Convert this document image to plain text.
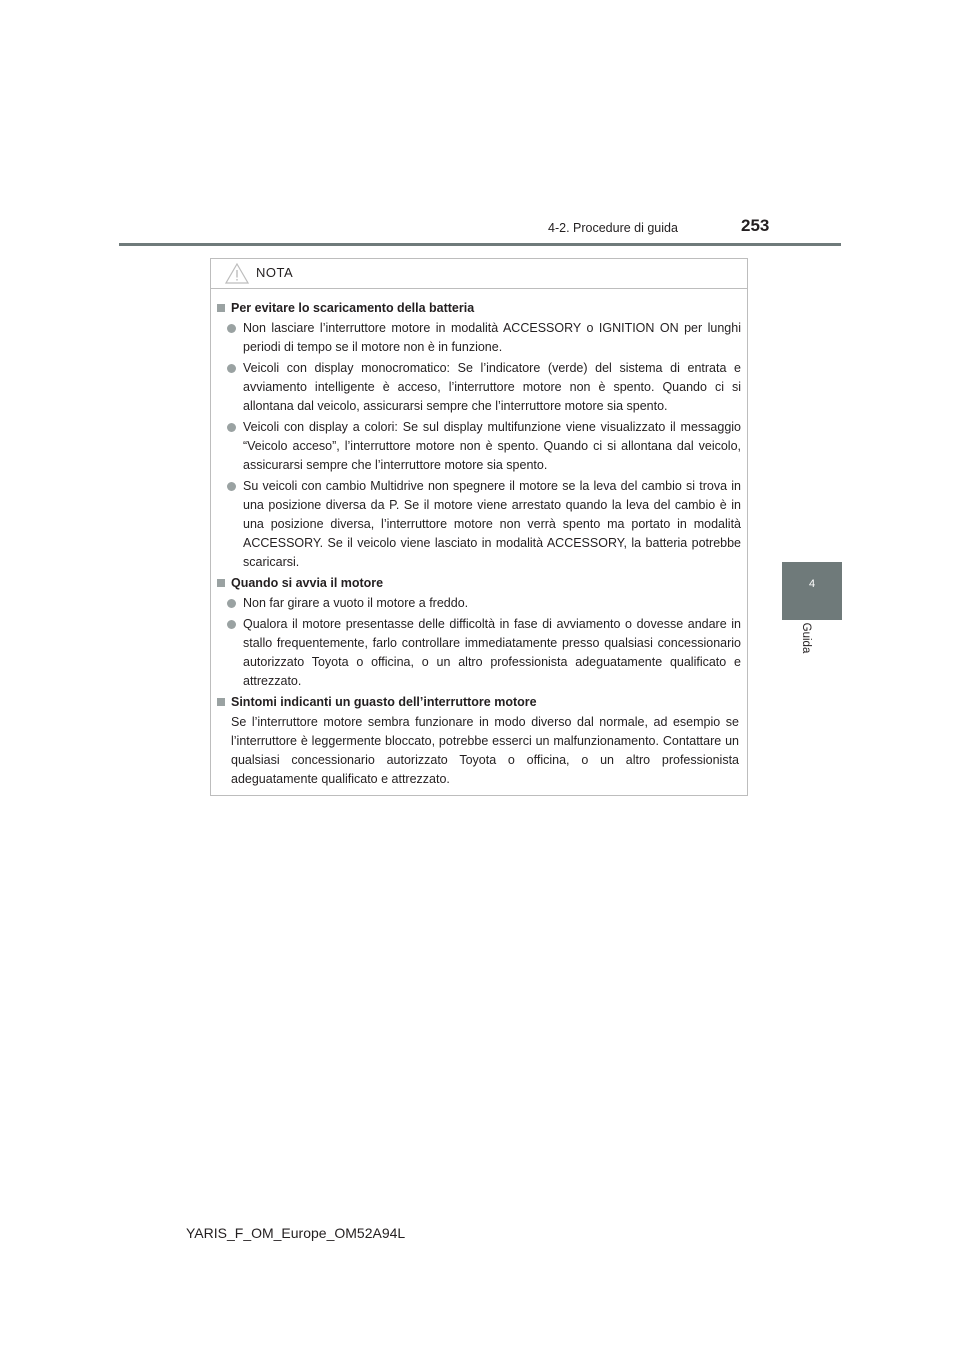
4-2. Procedure di guida	253
4
Guida
NOTA
Per evitare lo scaricamento della batteria
Non lasciare l’interruttore motore in modalità ACCESSORY o IGNITION ON per lunghi periodi di tempo se il motore non è in funzione.
Veicoli con display monocromatico: Se l’indicatore (verde) del sistema di entrata e avviamento intelligente è acceso, l’interruttore motore non è spento. Quando ci si allontana dal veicolo, assicurarsi sempre che l’interruttore motore sia spento.
Veicoli con display a colori: Se sul display multifunzione viene visualizzato il messaggio “Veicolo acceso”, l’interruttore motore non è spento. Quando ci si allontana dal veicolo, assicurarsi sempre che l’interruttore motore sia spento.
Su veicoli con cambio Multidrive non spegnere il motore se la leva del cambio si trova in una posizione diversa da P. Se il motore viene arrestato quando la leva del cambio è in una posizione diversa, l’interruttore motore non verrà spento ma portato in modalità ACCESSORY. Se il veicolo viene lasciato in modalità ACCESSORY, la batteria potrebbe scaricarsi.
Quando si avvia il motore
Non far girare a vuoto il motore a freddo.
Qualora il motore presentasse delle difficoltà in fase di avviamento o dovesse andare in stallo frequentemente, farlo controllare immediatamente presso qualsiasi concessionario autorizzato Toyota o officina, o un altro professionista adeguatamente qualificato e attrezzato.
Sintomi indicanti un guasto dell’interruttore motore
Se l’interruttore motore sembra funzionare in modo diverso dal normale, ad esempio se l’interruttore è leggermente bloccato, potrebbe esserci un malfunzionamento. Contattare un qualsiasi concessionario autorizzato Toyota o officina, o un altro professionista adeguatamente qualificato e attrezzato.
YARIS_F_OM_Europe_OM52A94L
